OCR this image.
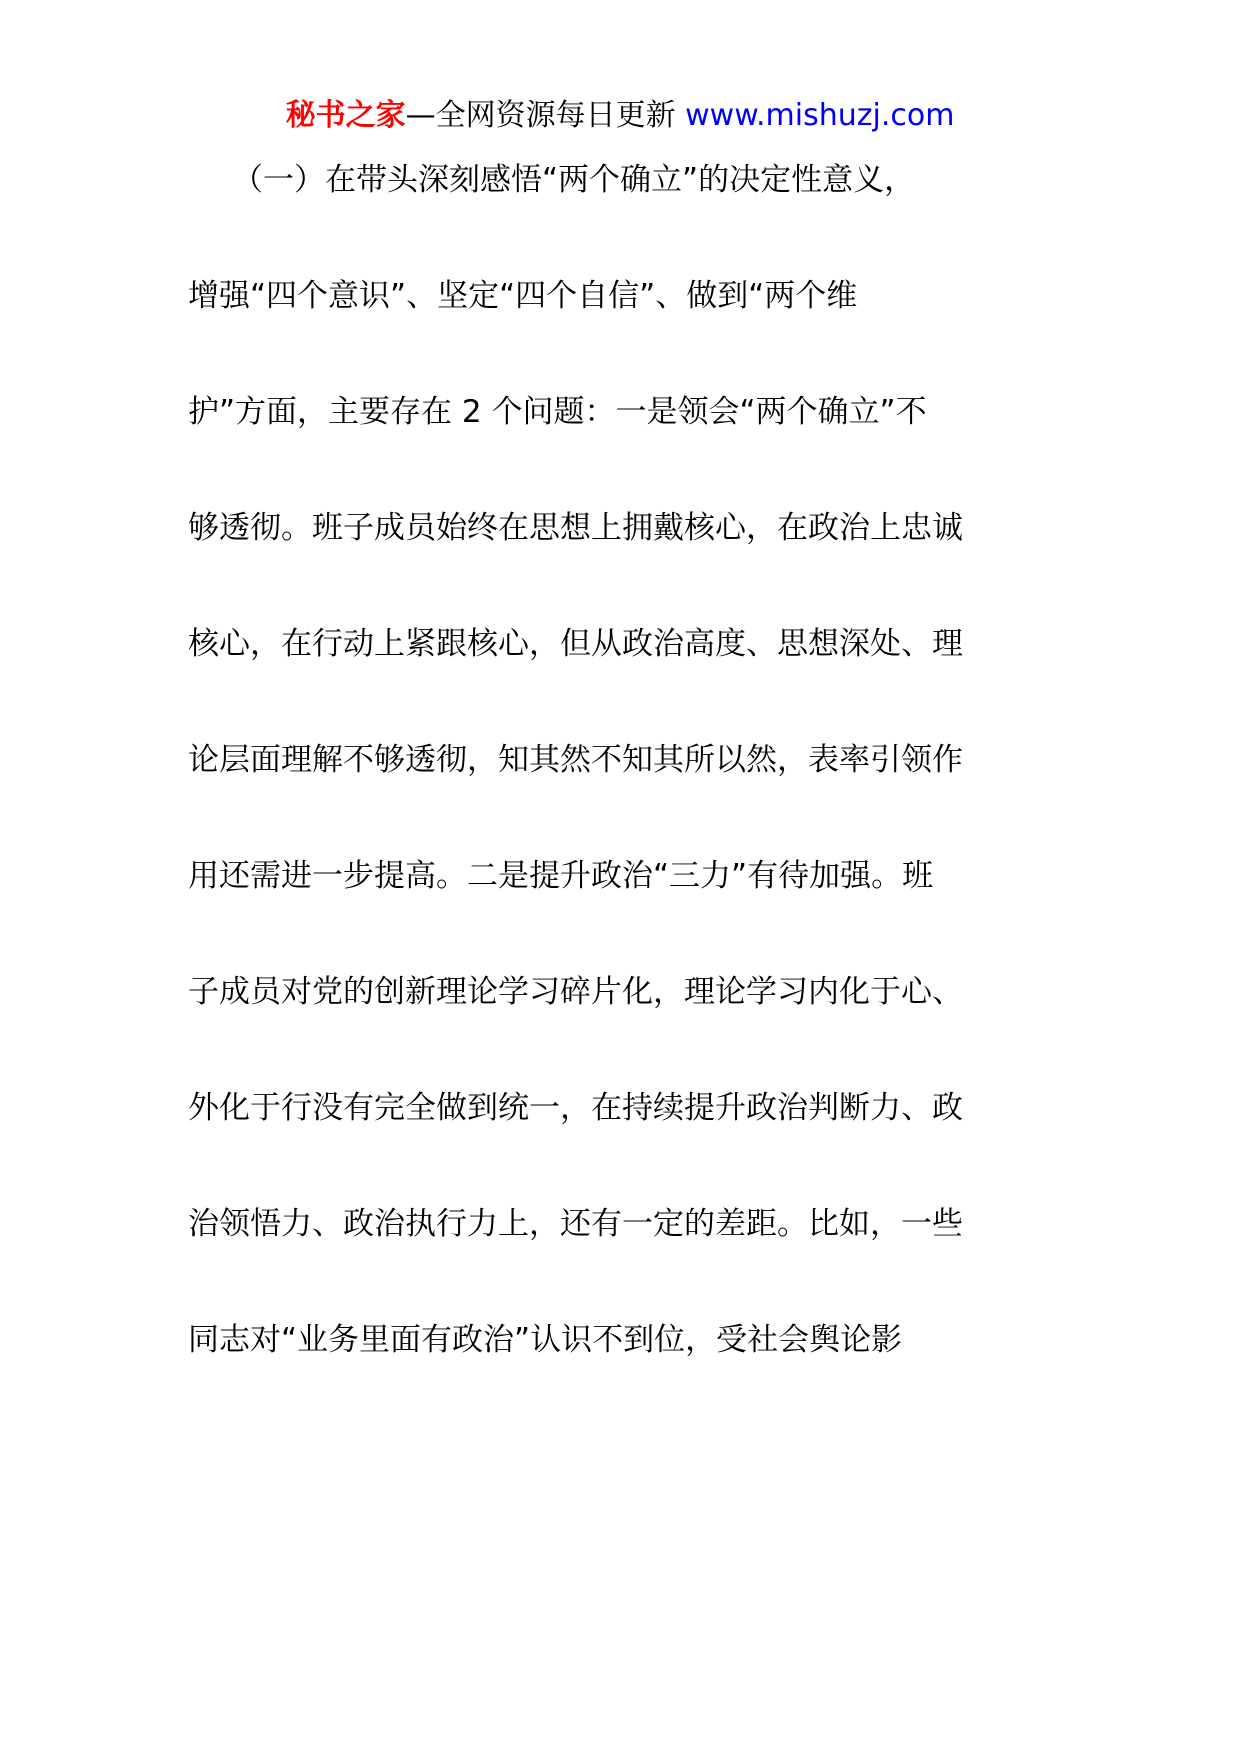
秘书之家—全网资源每日更新 www.mishuzj.com
（一）在带头深刻感悟“两个确立”的决定性意义，
增强“四个意识”、坚定“四个自信”、做到“两个维
护”方面，主要存在 2 个问题：一是领会“两个确立”不
够透彻。班子成员始终在思想上拥戴核心，在政治上忠诚
核心，在行动上紧跟核心，但从政治高度、思想深处、理
论层面理解不够透彻，知其然不知其所以然，表率引领作
用还需进一步提高。二是提升政治“三力”有待加强。班
子成员对党的创新理论学习碎片化，理论学习内化于心、
外化于行没有完全做到统一，在持续提升政治判断力、政
治领悟力、政治执行力上，还有一定的差距。比如，一些
同志对“业务里面有政治”认识不到位，受社会舆论影
